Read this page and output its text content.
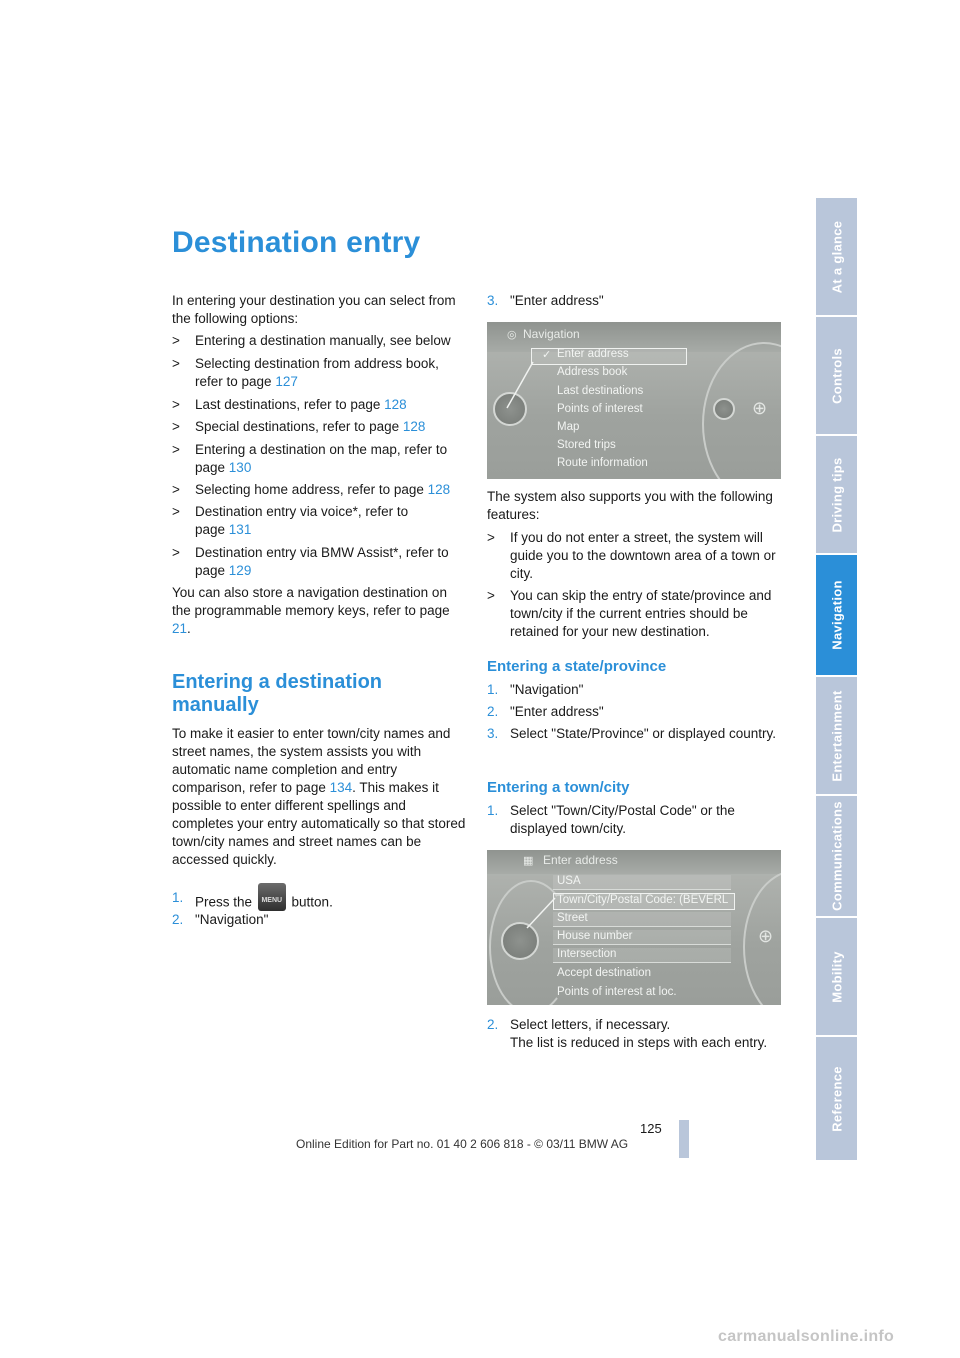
Destination entry

In entering your destination you can select from the following options:

> Entering a destination manually, see below
> Selecting destination from address book, refer to page 127
> Last destinations, refer to page 128
> Special destinations, refer to page 128
> Entering a destination on the map, refer to page 130
> Selecting home address, refer to page 128
> Destination entry via voice*, refer to page 131
> Destination entry via BMW Assist*, refer to page 129

You can also store a navigation destination on the programmable memory keys, refer to page 21.

Entering a destination manually

To make it easier to enter town/city names and street names, the system assists you with automatic name completion and entry comparison, refer to page 134. This makes it possible to enter different spellings and completes your entry automatically so that stored town/city names and street names can be accessed quickly.

1. Press the MENU button.
2. "Navigation"
3. "Enter address"
◎ Navigation
⊕
✓ Enter address
Address book
Last destinations
Points of interest
Map
Stored trips
Route information

The system also supports you with the following features:

> If you do not enter a street, the system will guide you to the downtown area of a town or city.
> You can skip the entry of state/province and town/city if the current entries should be retained for your new destination.
Entering a state/province
1. "Navigation"
2. "Enter address"
3. Select "State/Province" or displayed country.
Entering a town/city
1. Select "Town/City/Postal Code" or the displayed town/city.
▦ Enter address
⊕
USA
Town/City/Postal Code: (BEVERL
Street
House number
Intersection
Accept destination
Points of interest at loc.
2. Select letters, if necessary.
The list is reduced in steps with each entry.
At a glance
Controls
Driving tips
Navigation
Entertainment
Communications
Mobility
Reference
125
Online Edition for Part no. 01 40 2 606 818 - © 03/11 BMW AG
carmanualsonline.info
